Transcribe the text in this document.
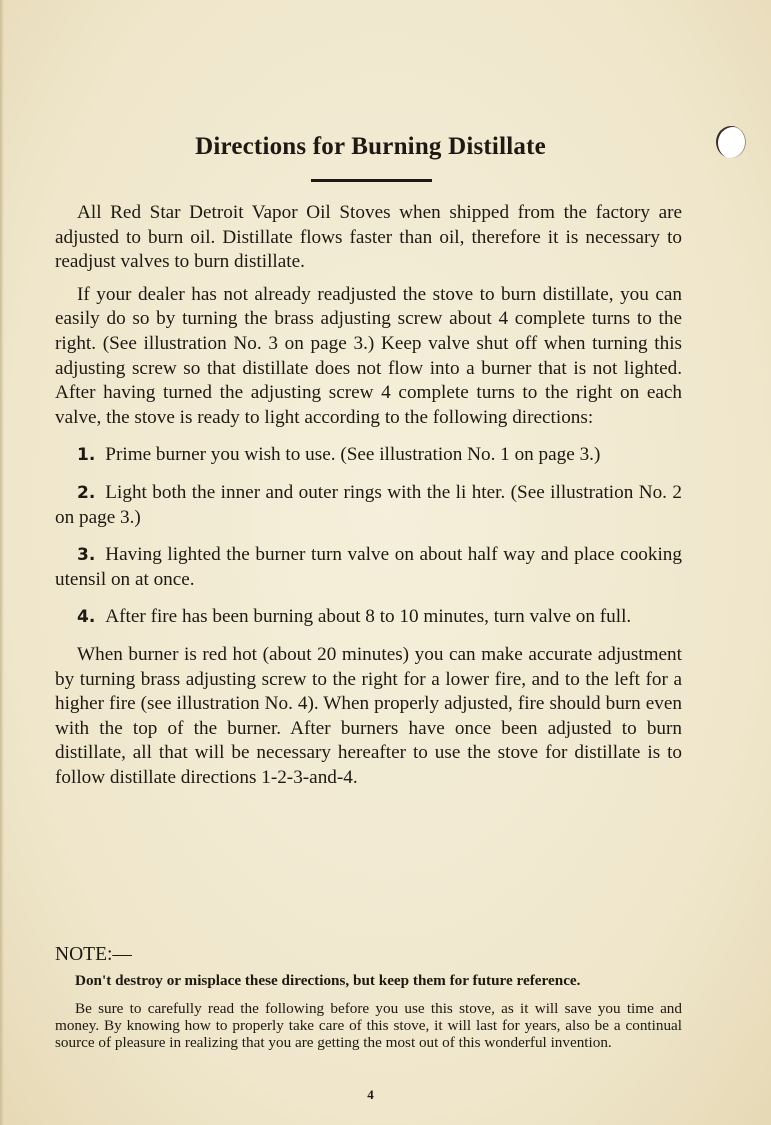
Directions for Burning Distillate

All Red Star Detroit Vapor Oil Stoves when shipped from the factory are adjusted to burn oil. Distillate flows faster than oil, therefore it is necessary to readjust valves to burn distillate.

If your dealer has not already readjusted the stove to burn distillate, you can easily do so by turning the brass adjusting screw about 4 complete turns to the right. (See illustration No. 3 on page 3.) Keep valve shut off when turning this adjusting screw so that distillate does not flow into a burner that is not lighted. After having turned the adjusting screw 4 complete turns to the right on each valve, the stove is ready to light according to the following directions:

1. Prime burner you wish to use. (See illustration No. 1 on page 3.)

2. Light both the inner and outer rings with the li hter. (See illustration No. 2 on page 3.)

3. Having lighted the burner turn valve on about half way and place cooking utensil on at once.

4. After fire has been burning about 8 to 10 minutes, turn valve on full.

When burner is red hot (about 20 minutes) you can make accurate adjustment by turning brass adjusting screw to the right for a lower fire, and to the left for a higher fire (see illustration No. 4). When properly adjusted, fire should burn even with the top of the burner. After burners have once been adjusted to burn distillate, all that will be necessary hereafter to use the stove for distillate is to follow distillate directions 1-2-3-and-4.

NOTE:—
Don't destroy or misplace these directions, but keep them for future reference.

Be sure to carefully read the following before you use this stove, as it will save you time and money. By knowing how to properly take care of this stove, it will last for years, also be a continual source of pleasure in realizing that you are getting the most out of this wonderful invention.

4
